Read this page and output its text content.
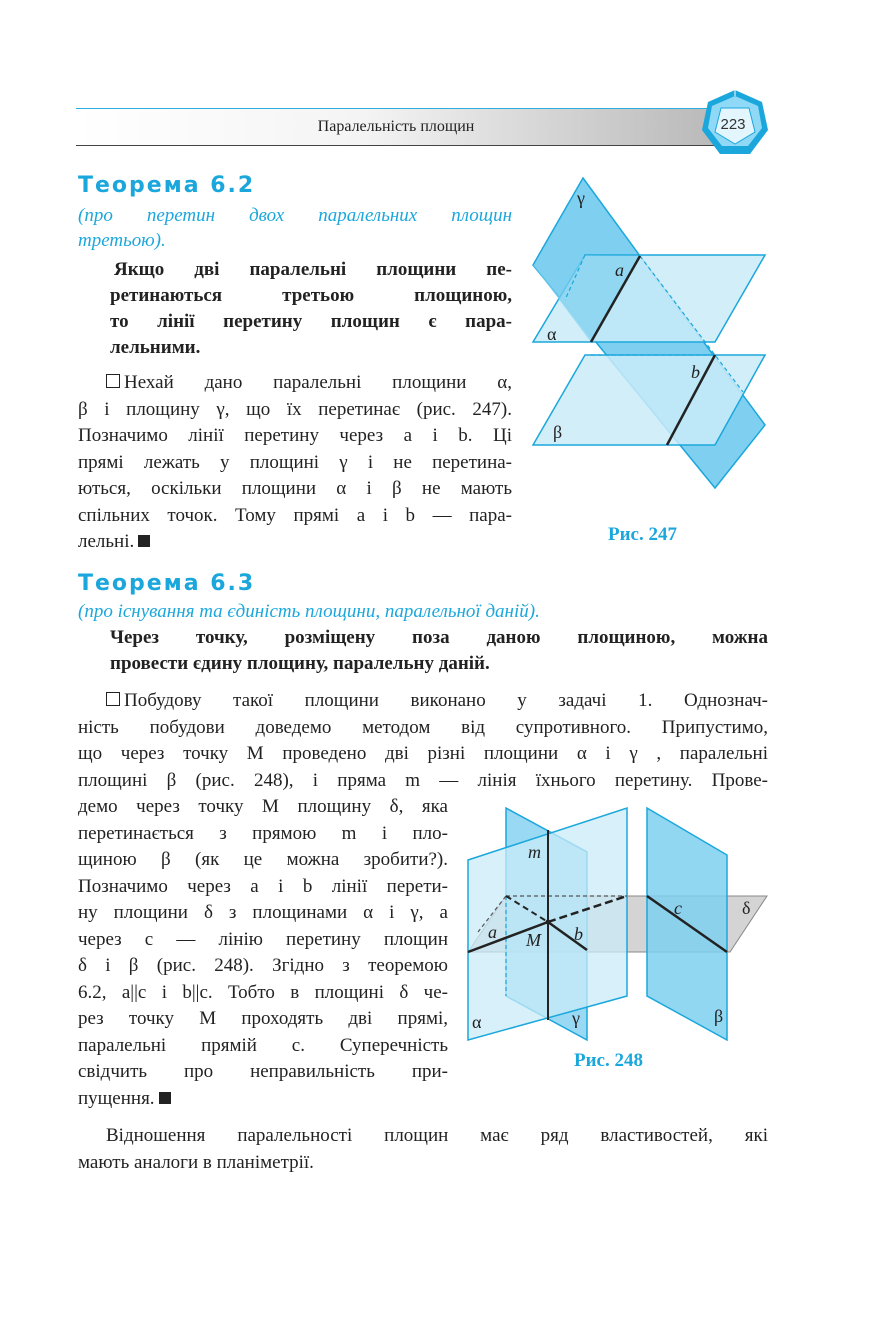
Паралельність площин	223
Теорема 6.2
(про перетин двох паралельних площин
третьою).
Якщо дві паралельні площини пе-
ретинаються третьою площиною,
то лінії перетину площин є пара-
лельними.
Нехай дано паралельні площини α,
β і площину γ, що їх перетинає (рис. 247).
Позначимо лінії перетину через a і b. Ці
прямі лежать у площині γ і не перетина-
ються, оскільки площини α і β не мають
спільних точок. Тому прямі a і b — пара-
лельні.
γ
α
β
a
b
Рис. 247
Теорема 6.3
(про існування та єдиність площини, паралельної даній).
Через точку, розміщену поза даною площиною, можна
провести єдину площину, паралельну даній.
Побудову такої площини виконано у задачі 1. Однознач-
ність побудови доведемо методом від супротивного. Припустимо,
що через точку M проведено дві різні площини α і γ , паралельні
площині β (рис. 248), і пряма m — лінія їхнього перетину. Прове-
демо через точку M площину δ, яка
перетинається з прямою m і пло-
щиною β (як це можна зробити?).
Позначимо через a і b лінії перети-
ну площини δ з площинами α і γ, а
через c — лінію перетину площин
δ і β (рис. 248). Згідно з теоремою
6.2, a||c і b||c. Тобто в площині δ че-
рез точку M проходять дві прямі,
паралельні прямій c. Суперечність
свідчить про неправильність при-
пущення.
m
a M b
c	δ
α	γ	β
Рис. 248
Відношення паралельності площин має ряд властивостей, які
мають аналоги в планіметрії.
